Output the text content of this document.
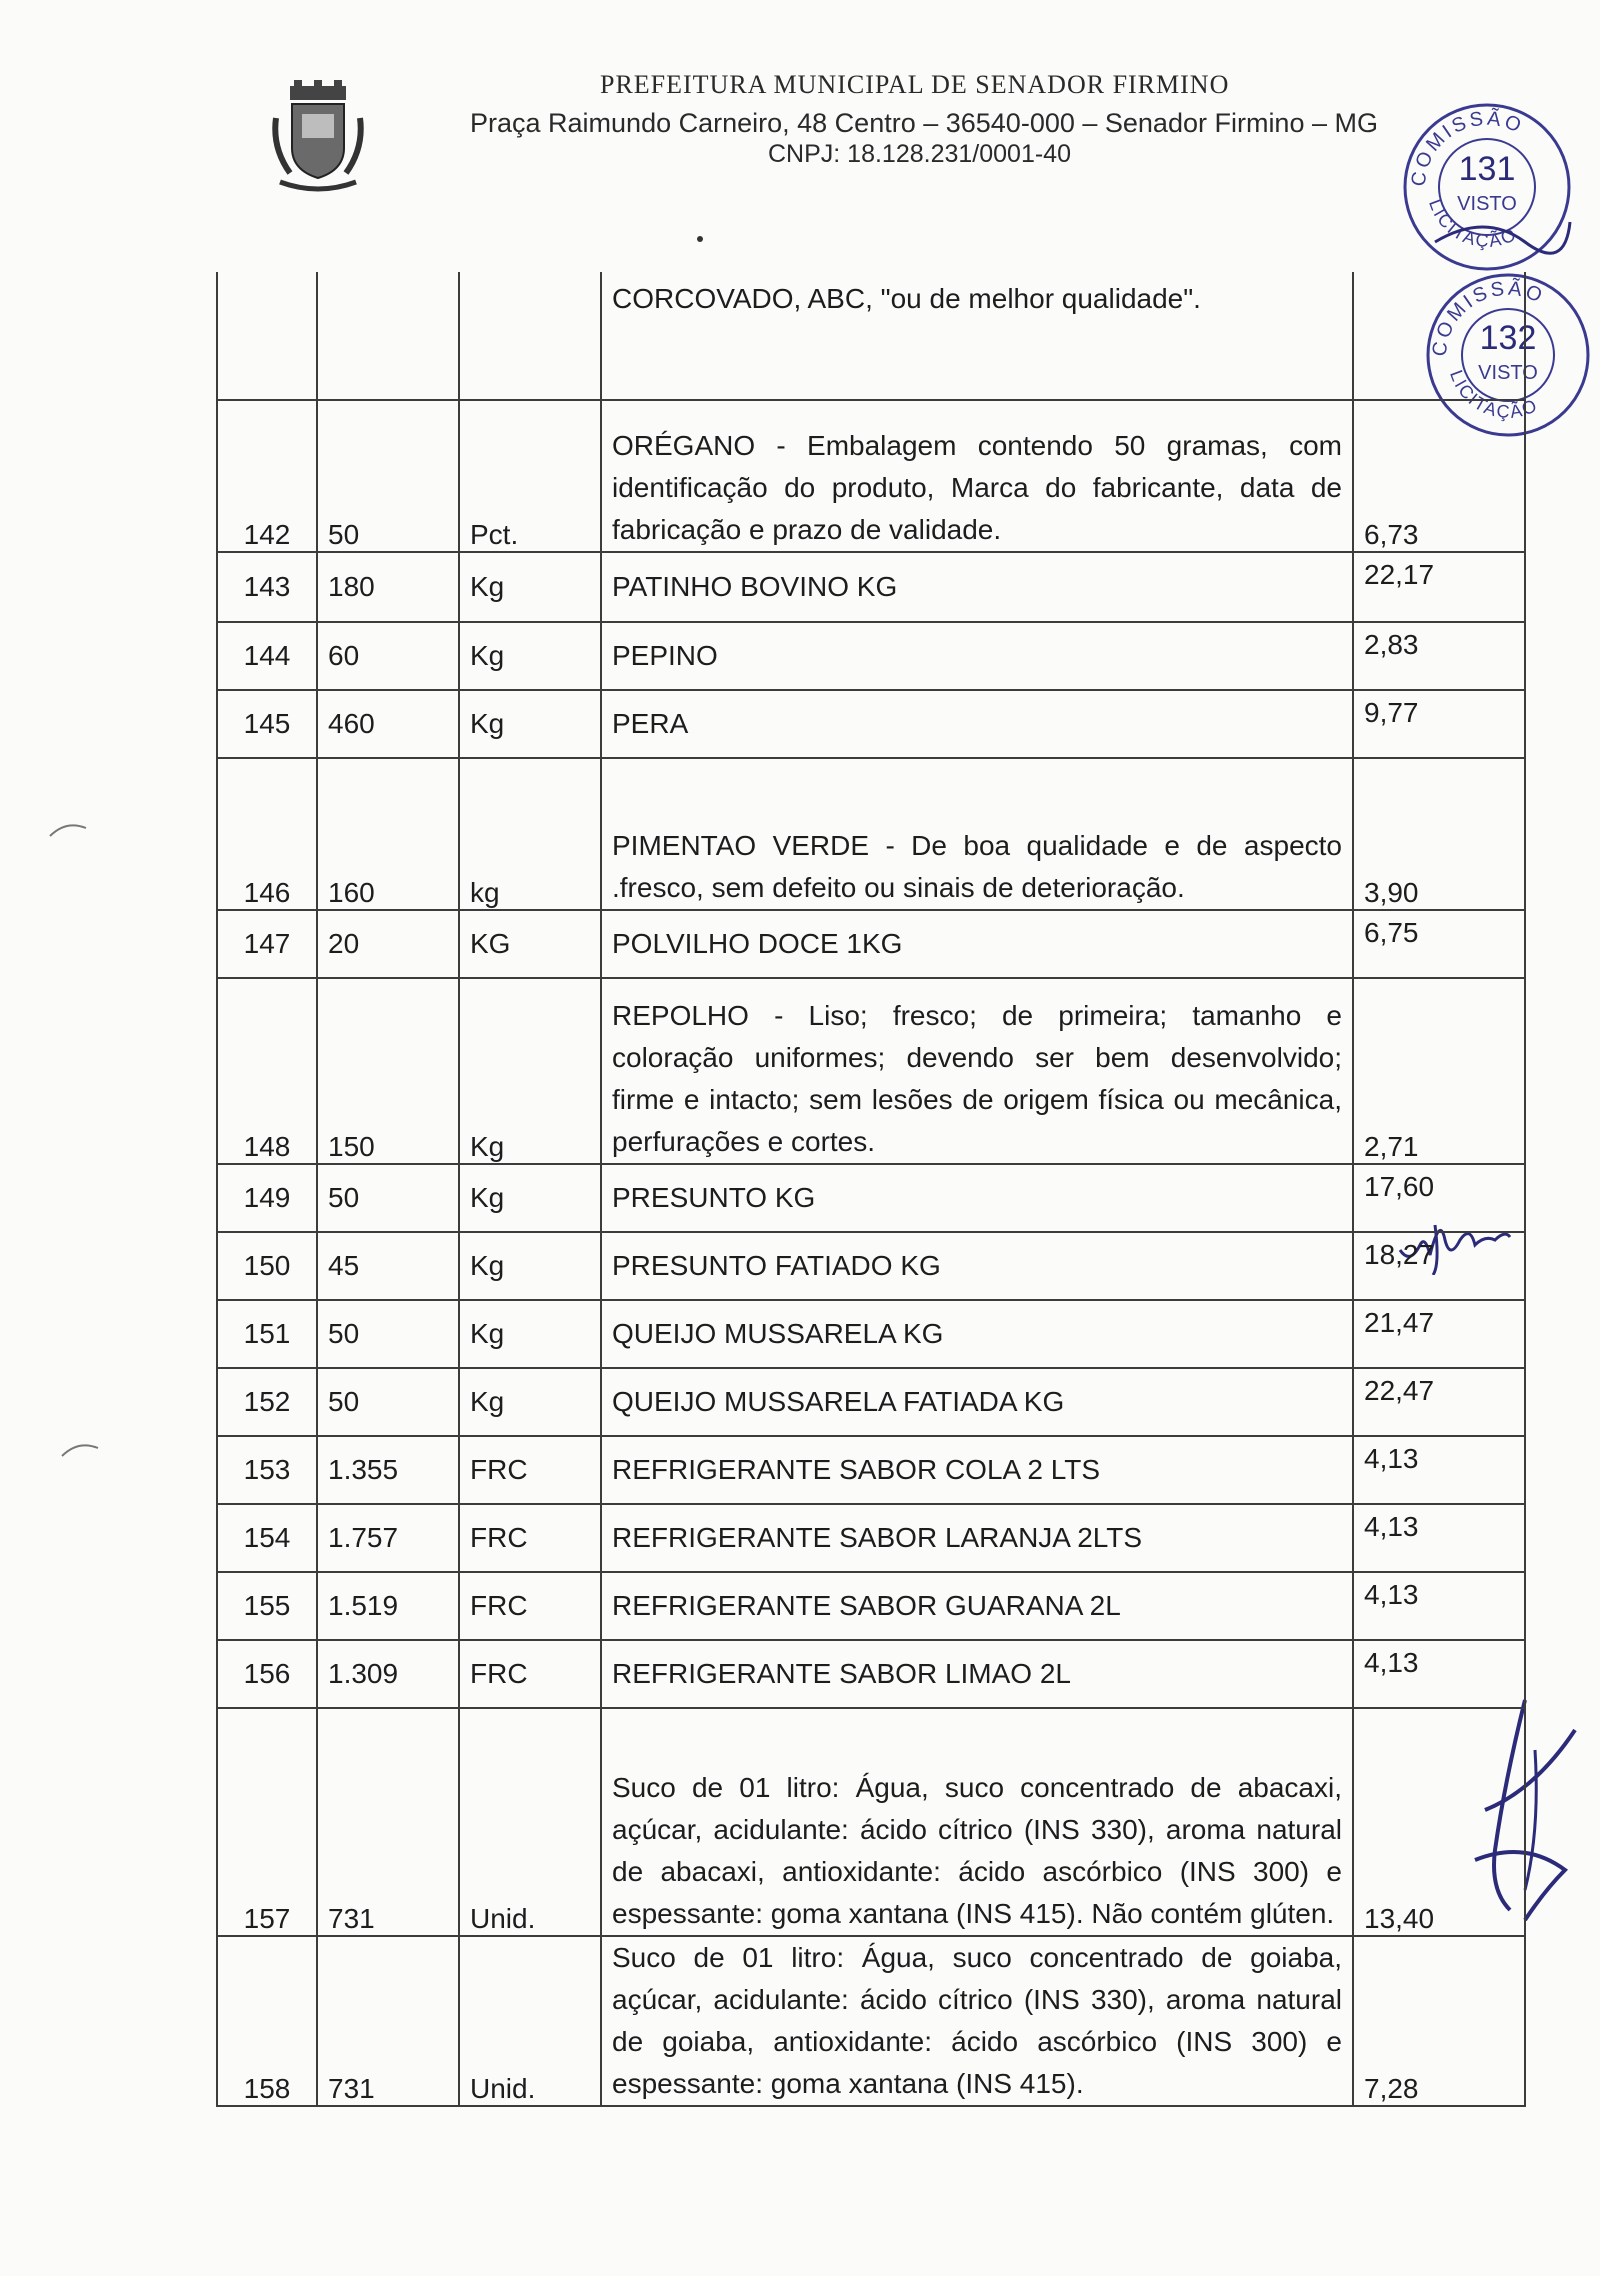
PREFEITURA MUNICIPAL DE SENADOR FIRMINO
Praça Raimundo Carneiro, 48 Centro – 36540-000 – Senador Firmino – MG
CNPJ: 18.128.231/0001-40
COMISSÃO
131
VISTO
LICITAÇÃO
COMISSÃO
132
VISTO
LICITAÇÃO
			CORCOVADO, ABC, "ou de melhor qualidade".	
142	50	Pct.	ORÉGANO - Embalagem contendo 50 gramas, com identificação do produto, Marca do fabricante, data de fabricação e prazo de validade.	6,73
143	180	Kg	PATINHO BOVINO KG	22,17
144	60	Kg	PEPINO	2,83
145	460	Kg	PERA	9,77
146	160	kg	PIMENTAO VERDE - De boa qualidade e de aspecto .fresco, sem defeito ou sinais de deterioração.	3,90
147	20	KG	POLVILHO DOCE 1KG	6,75
148	150	Kg	REPOLHO - Liso; fresco; de primeira; tamanho e coloração uniformes; devendo ser bem desenvolvido; firme e intacto; sem lesões de origem física ou mecânica, perfurações e cortes.	2,71
149	50	Kg	PRESUNTO KG	17,60
150	45	Kg	PRESUNTO FATIADO KG	18,27
151	50	Kg	QUEIJO MUSSARELA KG	21,47
152	50	Kg	QUEIJO MUSSARELA FATIADA KG	22,47
153	1.355	FRC	REFRIGERANTE SABOR COLA 2 LTS	4,13
154	1.757	FRC	REFRIGERANTE SABOR LARANJA 2LTS	4,13
155	1.519	FRC	REFRIGERANTE SABOR GUARANA 2L	4,13
156	1.309	FRC	REFRIGERANTE SABOR LIMAO 2L	4,13
157	731	Unid.	Suco de 01 litro: Água, suco concentrado de abacaxi, açúcar, acidulante: ácido cítrico (INS 330), aroma natural de abacaxi, antioxidante: ácido ascórbico (INS 300) e espessante: goma xantana (INS 415). Não contém glúten.	13,40
158	731	Unid.	Suco de 01 litro: Água, suco concentrado de goiaba, açúcar, acidulante: ácido cítrico (INS 330), aroma natural de goiaba, antioxidante: ácido ascórbico (INS 300) e espessante: goma xantana (INS 415).	7,28
